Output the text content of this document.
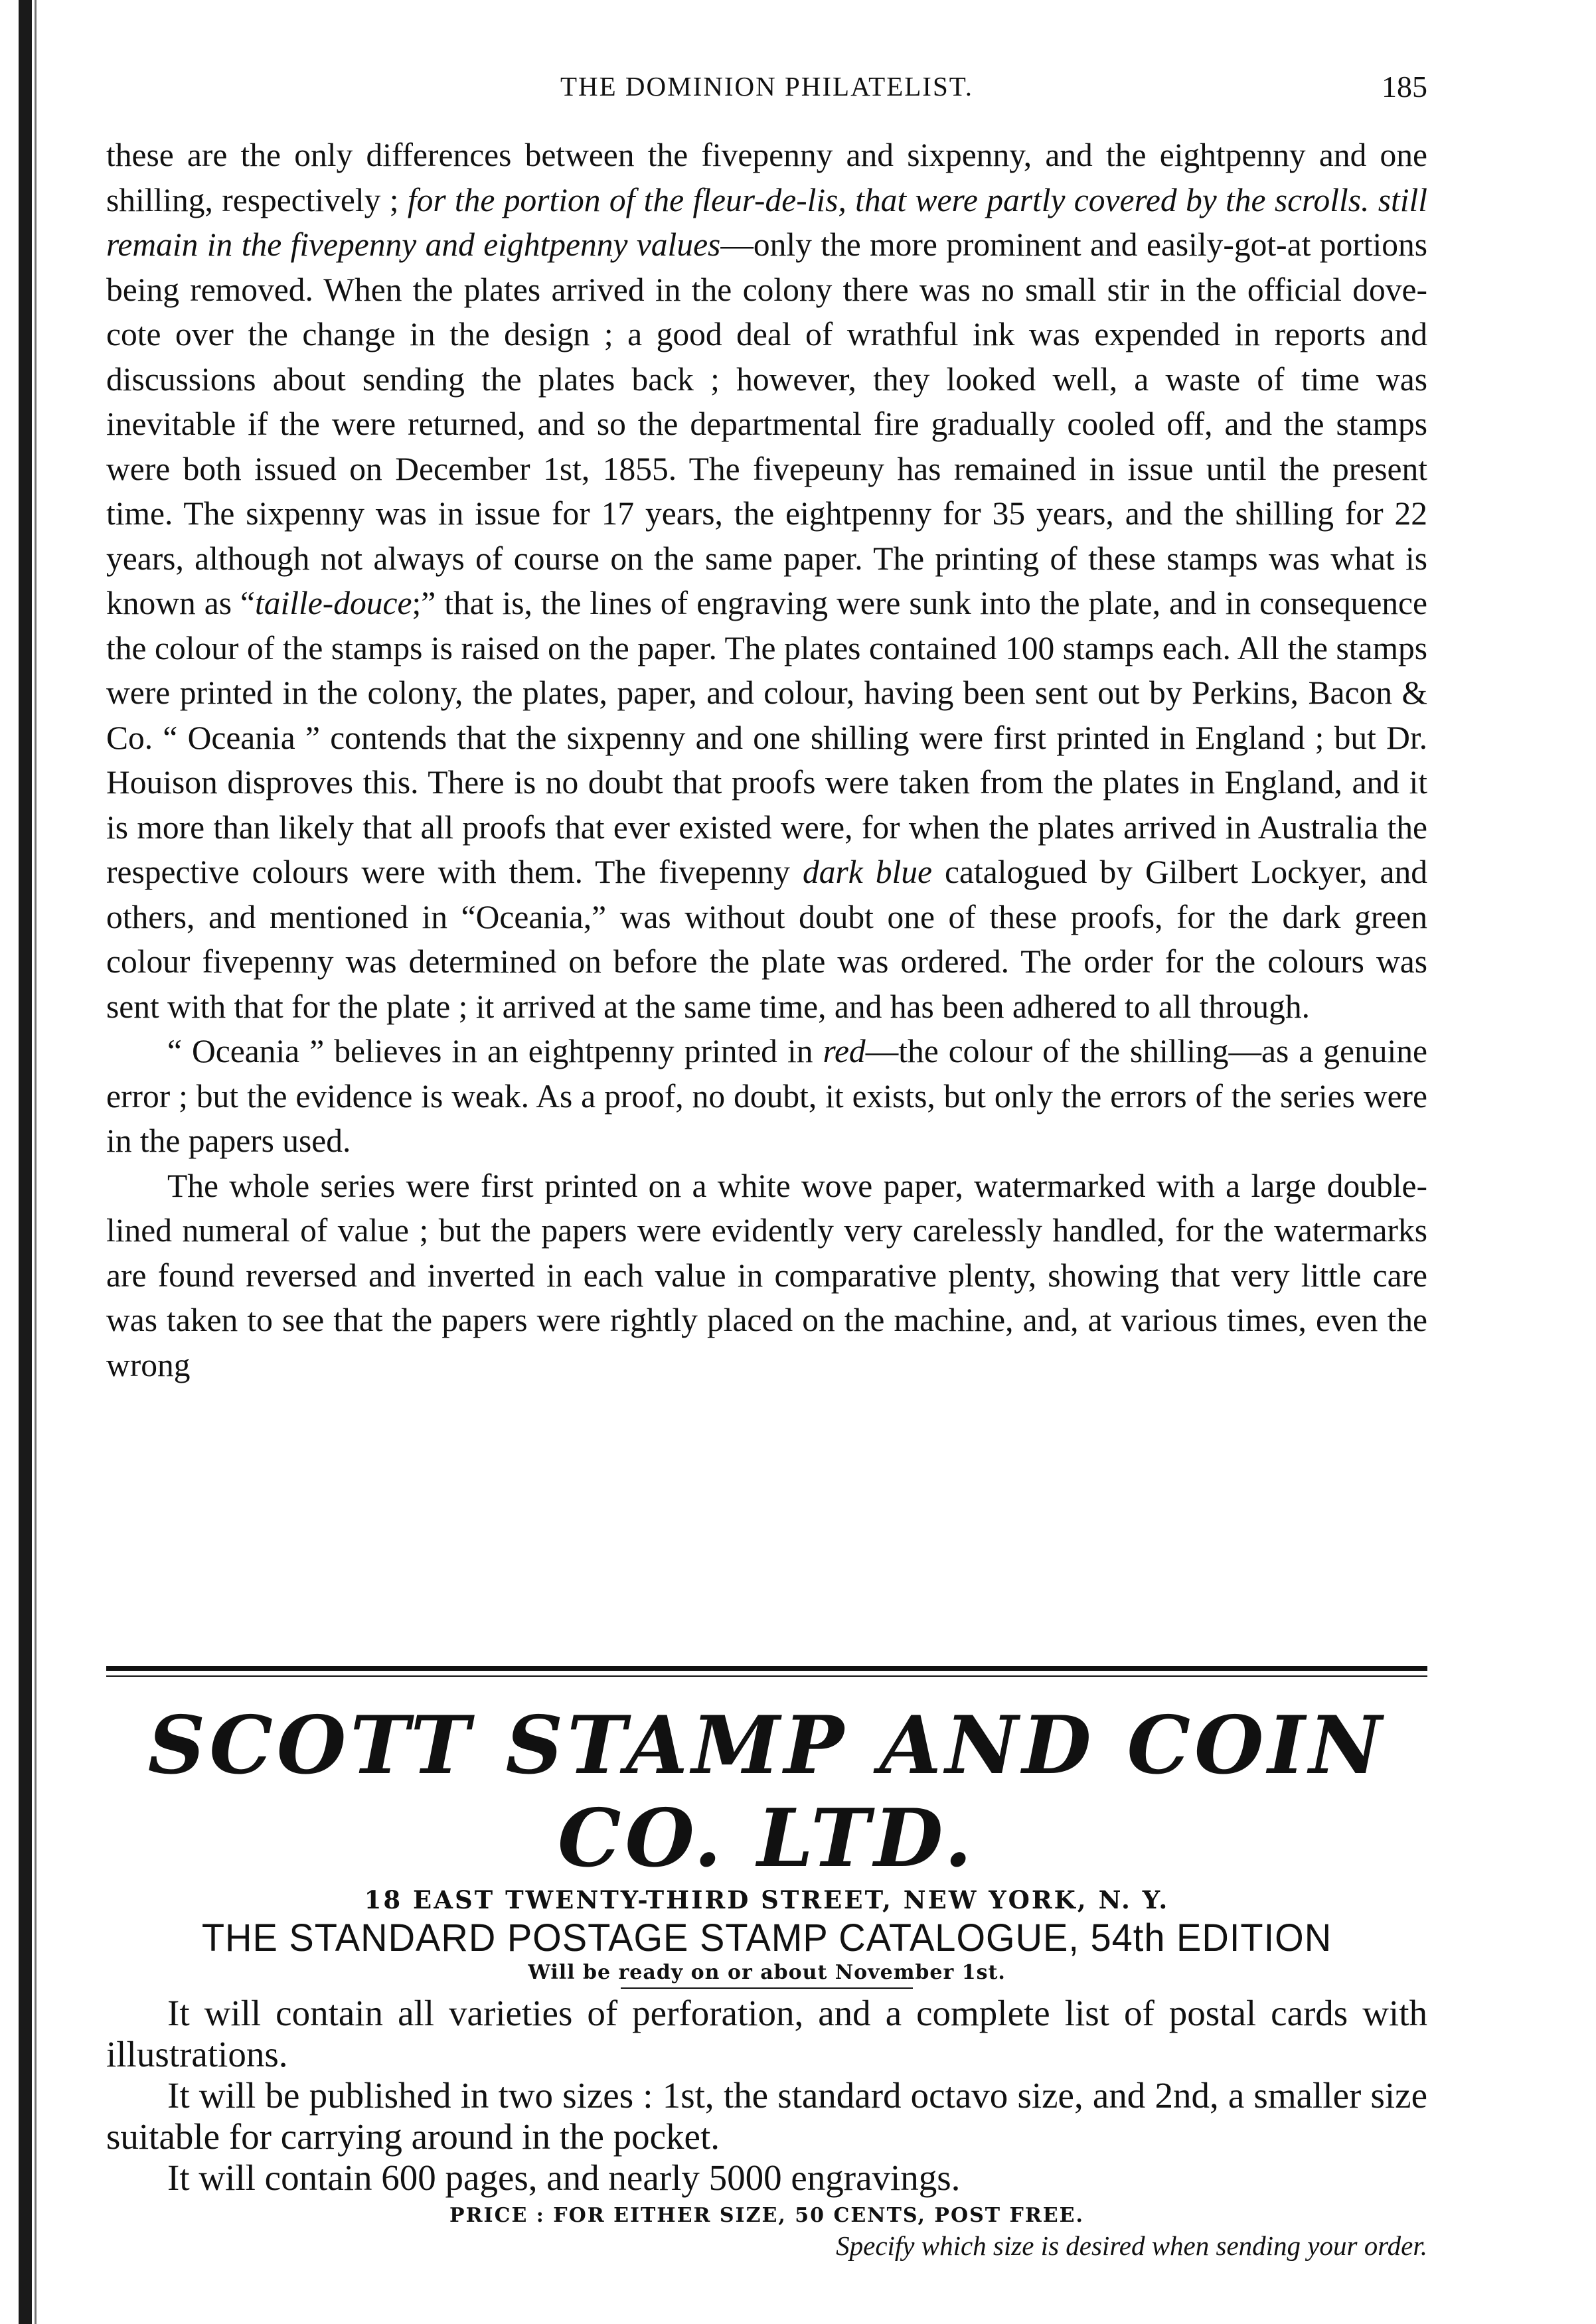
THE DOMINION PHILATELIST.	185

these are the only differences between the fivepenny and sixpenny, and the eightpenny and one shilling, respectively ; for the portion of the fleur-de-lis, that were partly covered by the scrolls. still remain in the fivepenny and eightpenny values—only the more prominent and easily-got-at portions being removed. When the plates arrived in the colony there was no small stir in the official dove-cote over the change in the design ; a good deal of wrathful ink was expended in reports and discussions about sending the plates back ; however, they looked well, a waste of time was inevitable if the were returned, and so the departmental fire gradually cooled off, and the stamps were both issued on December 1st, 1855. The fivepeuny has remained in issue until the present time. The sixpenny was in issue for 17 years, the eightpenny for 35 years, and the shilling for 22 years, although not always of course on the same paper. The printing of these stamps was what is known as “taille-douce;” that is, the lines of engraving were sunk into the plate, and in consequence the colour of the stamps is raised on the paper. The plates contained 100 stamps each. All the stamps were printed in the colony, the plates, paper, and colour, having been sent out by Perkins, Bacon & Co. “ Oceania ” contends that the sixpenny and one shilling were first printed in England ; but Dr. Houison disproves this. There is no doubt that proofs were taken from the plates in England, and it is more than likely that all proofs that ever existed were, for when the plates arrived in Australia the respective colours were with them. The fivepenny dark blue catalogued by Gilbert Lockyer, and others, and mentioned in “Oceania,” was without doubt one of these proofs, for the dark green colour fivepenny was determined on before the plate was ordered. The order for the colours was sent with that for the plate ; it arrived at the same time, and has been adhered to all through.

“ Oceania ” believes in an eightpenny printed in red—the colour of the shilling—as a genuine error ; but the evidence is weak. As a proof, no doubt, it exists, but only the errors of the series were in the papers used.

The whole series were first printed on a white wove paper, watermarked with a large double-lined numeral of value ; but the papers were evidently very carelessly handled, for the watermarks are found reversed and inverted in each value in comparative plenty, showing that very little care was taken to see that the papers were rightly placed on the machine, and, at various times, even the wrong

SCOTT STAMP AND COIN CO. LTD.
18 EAST TWENTY-THIRD STREET, NEW YORK, N. Y.
THE STANDARD POSTAGE STAMP CATALOGUE, 54th EDITION
Will be ready on or about November 1st.

It will contain all varieties of perforation, and a complete list of postal cards with illustrations.

It will be published in two sizes : 1st, the standard octavo size, and 2nd, a smaller size suitable for carrying around in the pocket.

It will contain 600 pages, and nearly 5000 engravings.

PRICE : FOR EITHER SIZE, 50 CENTS, POST FREE.
Specify which size is desired when sending your order.
